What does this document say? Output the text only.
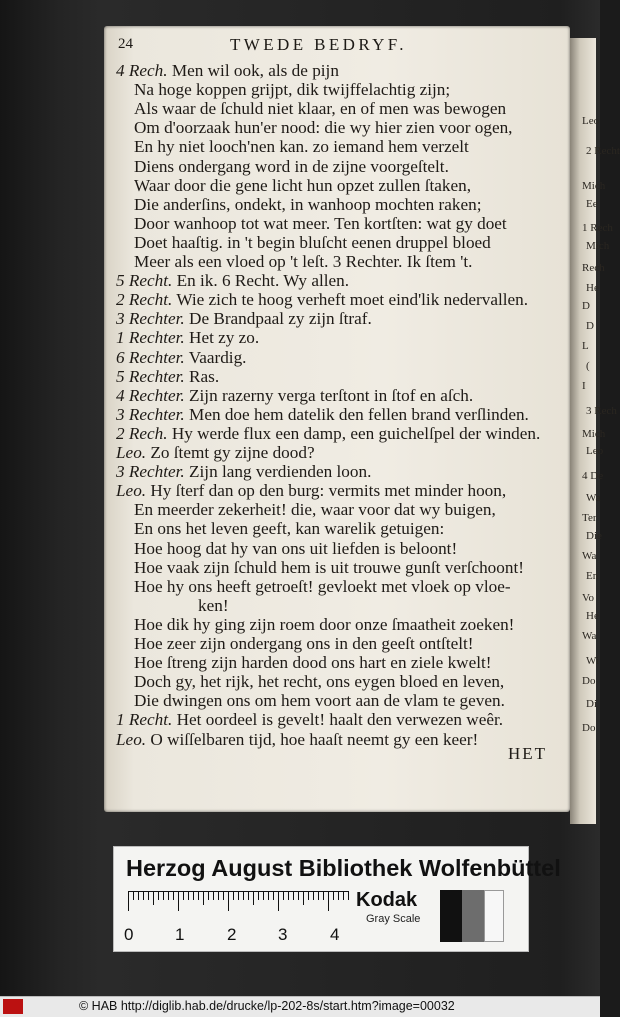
24	TWEDE BEDRYF.
4 Rech. Men wil ook, als de pijn
Na hoge koppen grijpt, dik twijffelachtig zijn;
Als waar de ſchuld niet klaar, en of men was bewogen
Om d'oorzaak hun'er nood: die wy hier zien voor ogen,
En hy niet looch'nen kan. zo iemand hem verzelt
Diens ondergang word in de zijne voorgeſtelt.
Waar door die gene licht hun opzet zullen ſtaken,
Die anderſins, ondekt, in wanhoop mochten raken;
Door wanhoop tot wat meer. Ten kortſten: wat gy doet
Doet haaſtig. in 't begin bluſcht eenen druppel bloed
Meer als een vloed op 't leſt. 3 Rechter. Ik ſtem 't.
5 Recht. En ik. 6 Recht. Wy allen.
2 Recht. Wie zich te hoog verheft moet eind'lik nedervallen.
3 Rechter. De Brandpaal zy zijn ſtraf.
1 Rechter. Het zy zo.
6 Rechter. Vaardig.
5 Rechter. Ras.
4 Rechter. Zijn razerny verga terſtont in ſtof en aſch.
3 Rechter. Men doe hem datelik den fellen brand verſlinden.
2 Rech. Hy werde flux een damp, een guichelſpel der winden.
Leo. Zo ſtemt gy zijne dood?
3 Rechter. Zijn lang verdienden loon.
Leo. Hy ſterf dan op den burg: vermits met minder hoon,
En meerder zekerheit! die, waar voor dat wy buigen,
En ons het leven geeft, kan warelik getuigen:
Hoe hoog dat hy van ons uit liefden is beloont!
Hoe vaak zijn ſchuld hem is uit trouwe gunſt verſchoont!
Hoe hy ons heeft getroeſt! gevloekt met vloek op vloe-
ken!
Hoe dik hy ging zijn roem door onze ſmaatheit zoeken!
Hoe zeer zijn ondergang ons in den geeſt ontſtelt!
Hoe ſtreng zijn harden dood ons hart en ziele kwelt!
Doch gy, het rijk, het recht, ons eygen bloed en leven,
Die dwingen ons om hem voort aan de vlam te geven.
1 Recht. Het oordeel is gevelt! haalt den verwezen weêr.
Leo. O wiſſelbaren tijd, hoe haaſt neemt gy een keer!
HET
Leo
2 Recht
Mich
Ee
1 Rech
Mich
Rech
He
D
D
L
(
I
3 Rech
Mich
Leo
4 De
Wa
Ter
Die
Wa
En
Vo
He
Wa
Wi
Do
Di
Do
Herzog August Bibliothek Wolfenbüttel
0 1	2 3	4
Kodak
Gray Scale
© HAB http://diglib.hab.de/drucke/lp-202-8s/start.htm?image=00032
